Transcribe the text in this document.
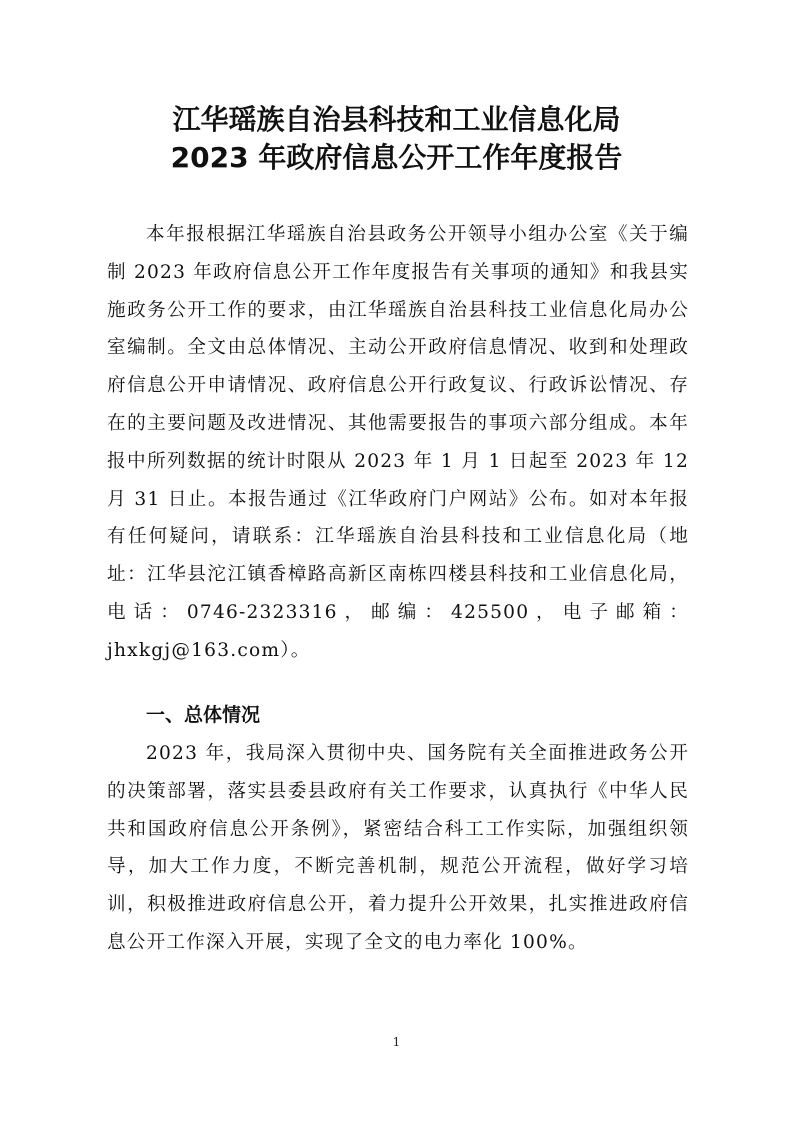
江华瑶族自治县科技和工业信息化局
2023 年政府信息公开工作年度报告

本年报根据江华瑶族自治县政务公开领导小组办公室《关于编制 2023 年政府信息公开工作年度报告有关事项的通知》和我县实施政务公开工作的要求，由江华瑶族自治县科技工业信息化局办公室编制。全文由总体情况、主动公开政府信息情况、收到和处理政府信息公开申请情况、政府信息公开行政复议、行政诉讼情况、存在的主要问题及改进情况、其他需要报告的事项六部分组成。本年报中所列数据的统计时限从 2023 年 1 月 1 日起至 2023 年 12 月 31 日止。本报告通过《江华政府门户网站》公布。如对本年报有任何疑问，请联系：江华瑶族自治县科技和工业信息化局（地址：江华县沱江镇香樟路高新区南栋四楼县科技和工业信息化局，电话：0746-2323316，邮编：425500，电子邮箱：jhxkgj@163.com）。

一、总体情况

2023 年，我局深入贯彻中央、国务院有关全面推进政务公开的决策部署，落实县委县政府有关工作要求，认真执行《中华人民共和国政府信息公开条例》，紧密结合科工工作实际，加强组织领导，加大工作力度，不断完善机制，规范公开流程，做好学习培训，积极推进政府信息公开，着力提升公开效果，扎实推进政府信息公开工作深入开展，实现了全文的电力率化 100%。

1
